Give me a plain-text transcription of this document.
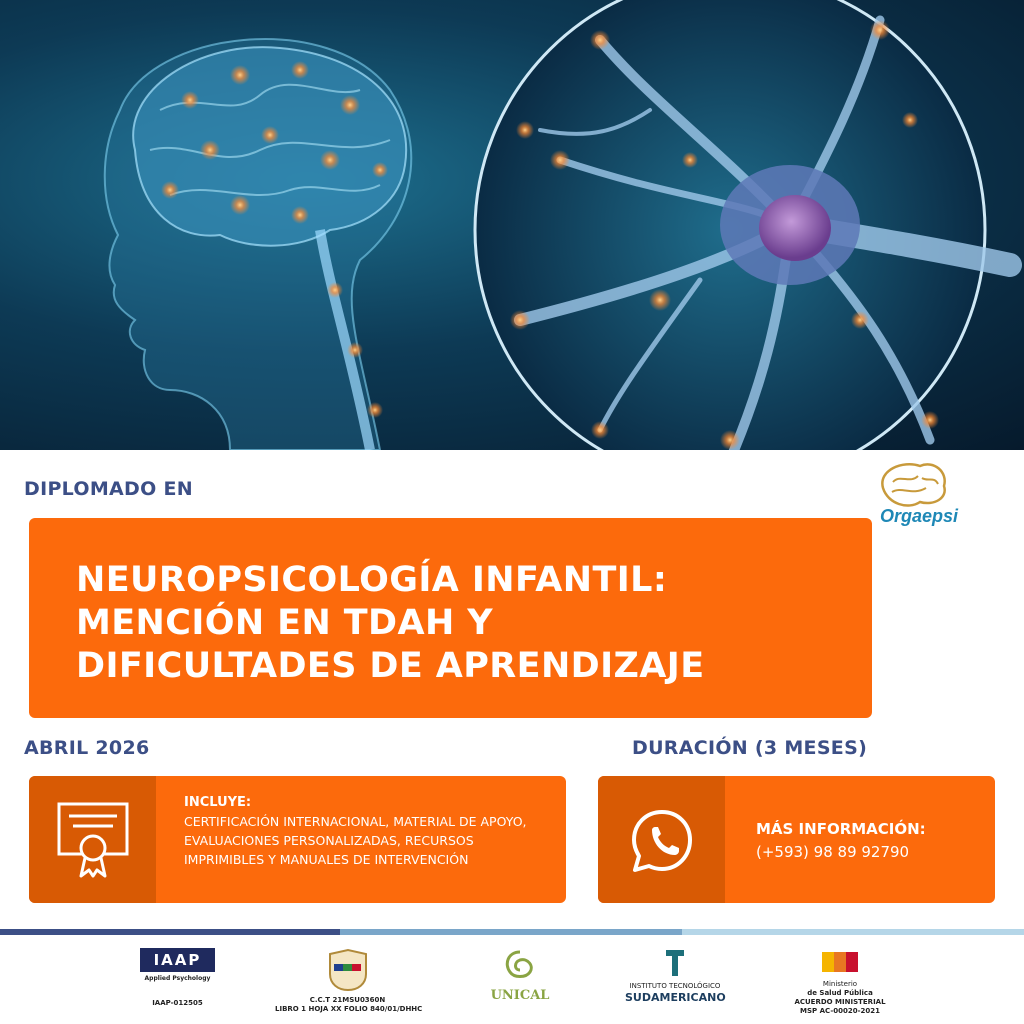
DIPLOMADO EN
Orgaepsi
NEUROPSICOLOGÍA INFANTIL:
MENCIÓN EN TDAH Y
DIFICULTADES DE APRENDIZAJE
ABRIL 2026	DURACIÓN (3 MESES)
INCLUYE:
CERTIFICACIÓN INTERNACIONAL, MATERIAL DE APOYO, EVALUACIONES PERSONALIZADAS, RECURSOS IMPRIMIBLES Y MANUALES DE INTERVENCIÓN
MÁS INFORMACIÓN:
(+593) 98 89 92790
IAAP
Applied Psychology
IAAP-012505	C.C.T 21MSU0360N
LIBRO 1 HOJA XX FOLIO 840/01/DHHC
UNICAL
INSTITUTO TECNOLÓGICO
SUDAMERICANO
Ministerio
de Salud Pública
ACUERDO MINISTERIAL
MSP AC-00020-2021
